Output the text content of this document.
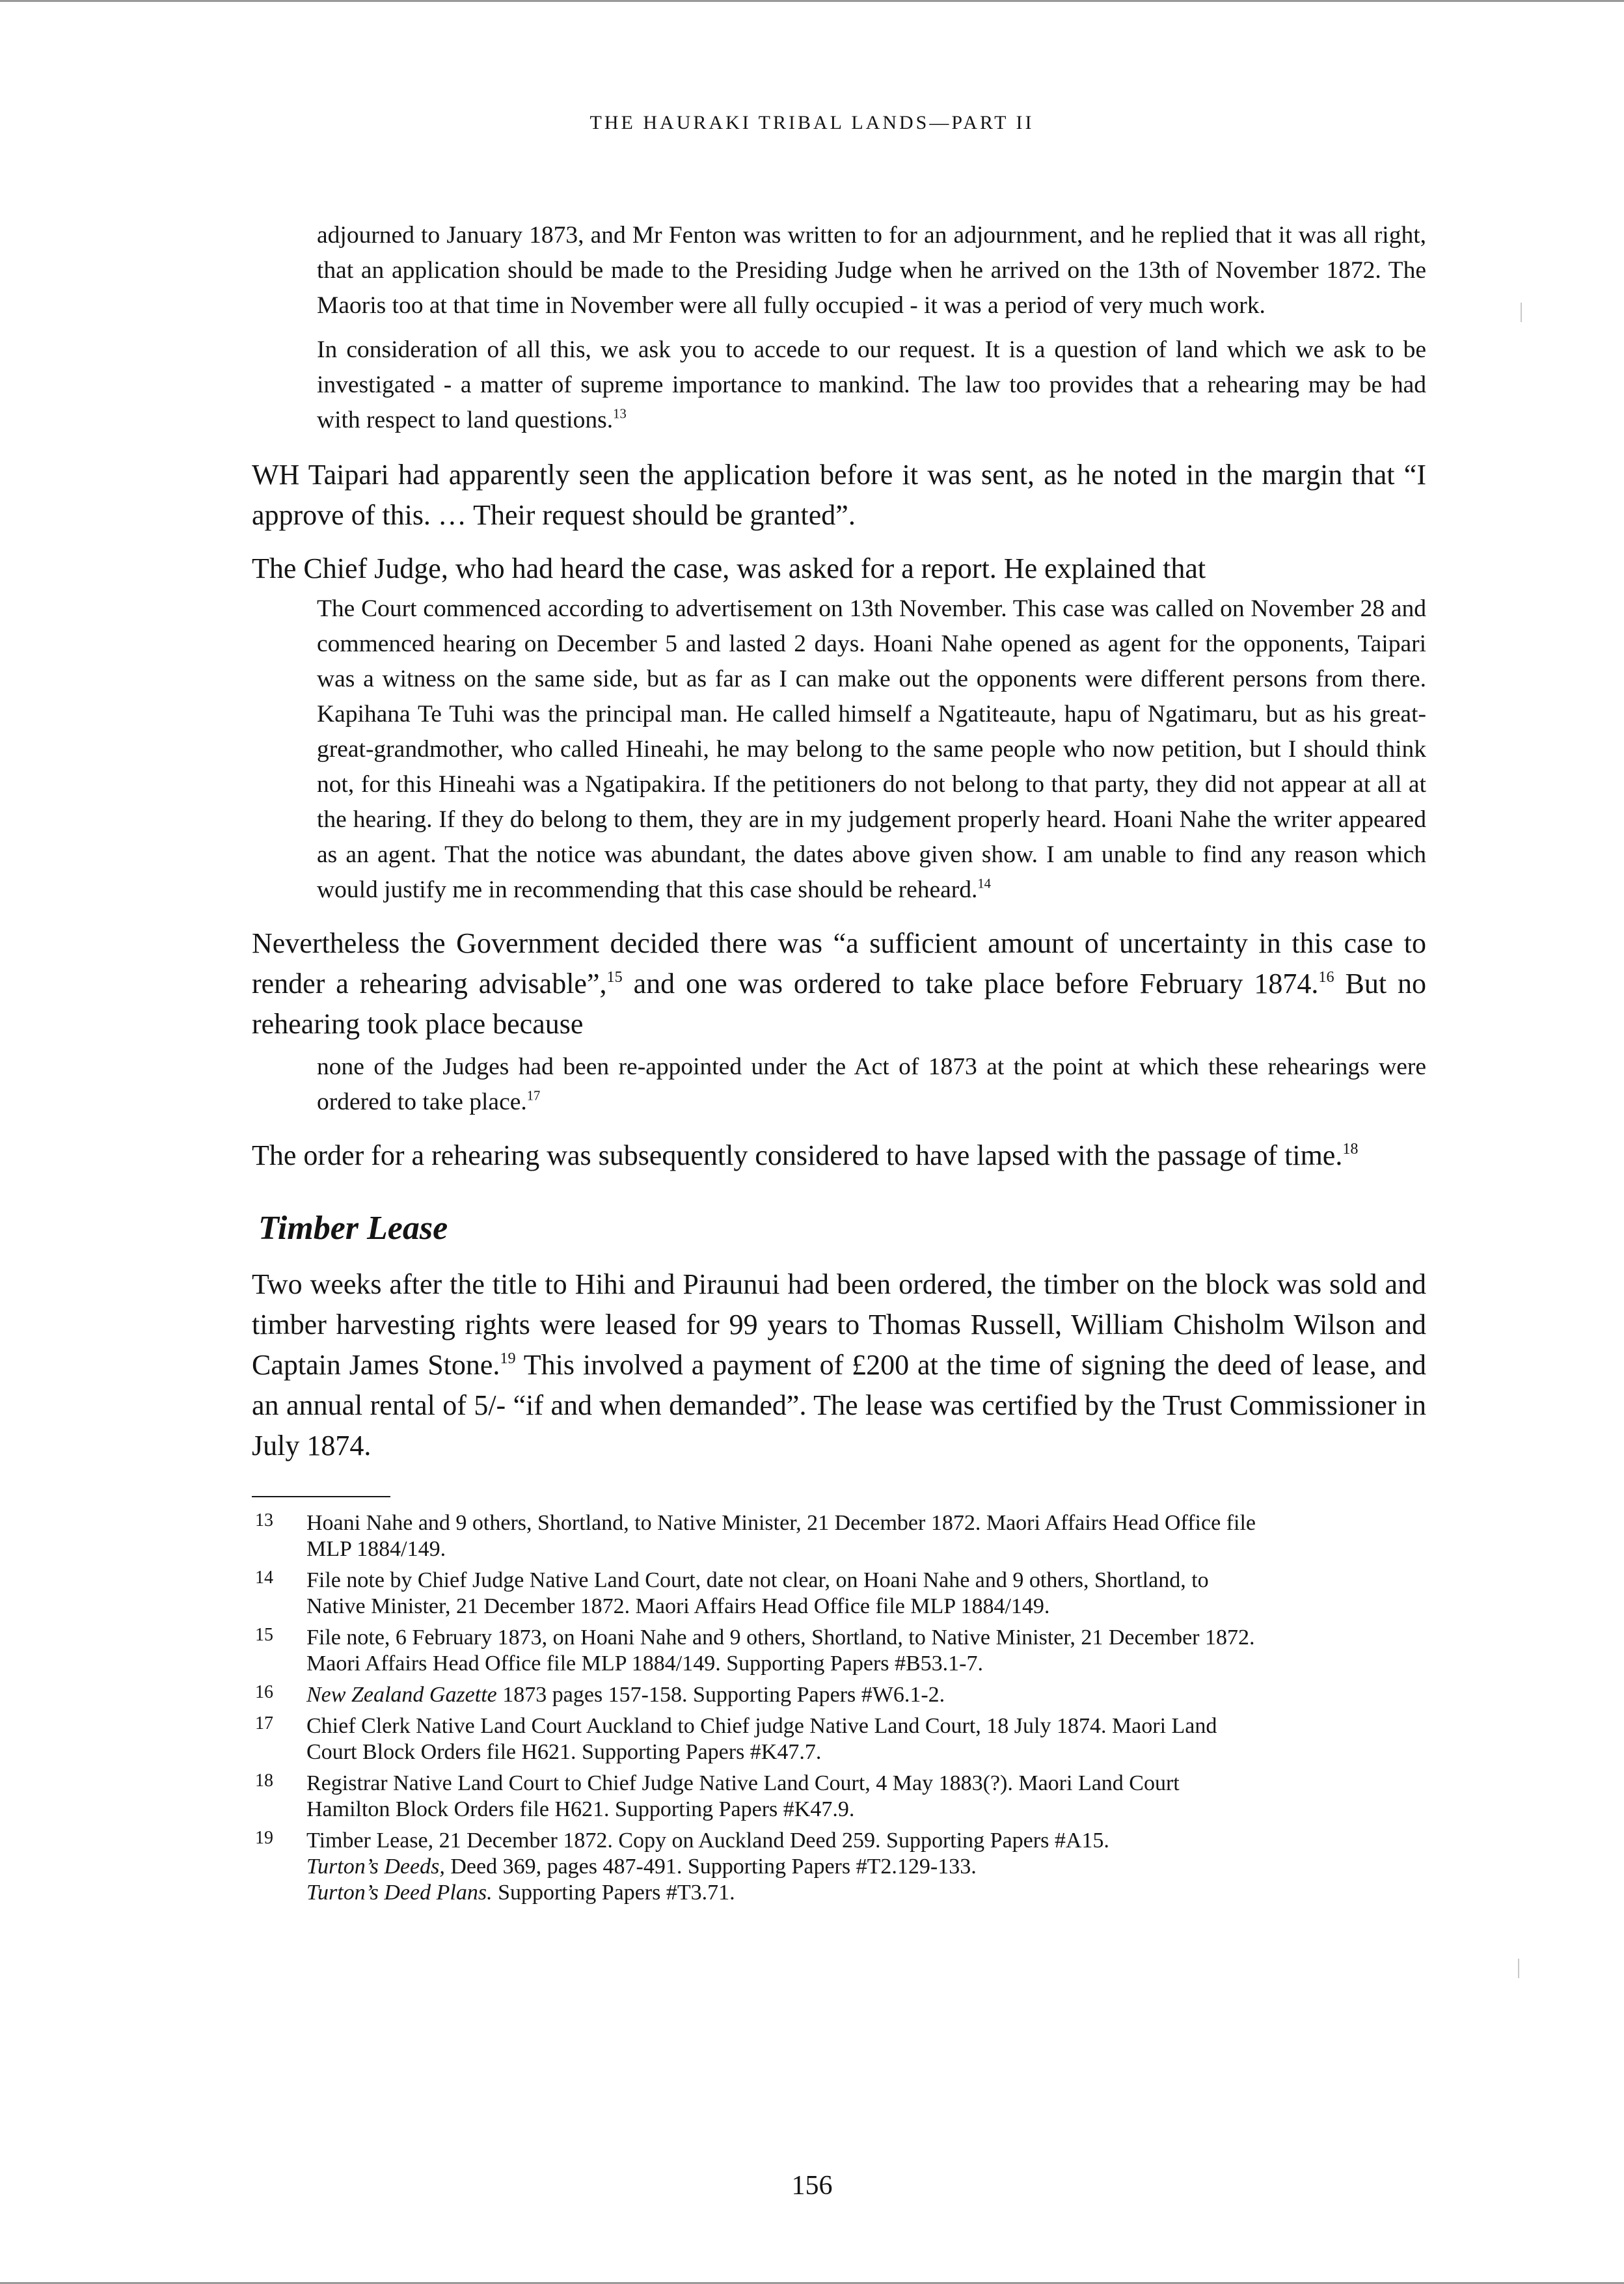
THE HAURAKI TRIBAL LANDS—PART II

adjourned to January 1873, and Mr Fenton was written to for an adjournment, and he replied that it was all right, that an application should be made to the Presiding Judge when he arrived on the 13th of November 1872. The Maoris too at that time in November were all fully occupied - it was a period of very much work.

In consideration of all this, we ask you to accede to our request. It is a question of land which we ask to be investigated - a matter of supreme importance to mankind. The law too provides that a rehearing may be had with respect to land questions.$^{13}$

WH Taipari had apparently seen the application before it was sent, as he noted in the margin that “I approve of this. … Their request should be granted”.

The Chief Judge, who had heard the case, was asked for a report. He explained that

The Court commenced according to advertisement on 13th November. This case was called on November 28 and commenced hearing on December 5 and lasted 2 days. Hoani Nahe opened as agent for the opponents, Taipari was a witness on the same side, but as far as I can make out the opponents were different persons from there. Kapihana Te Tuhi was the principal man. He called himself a Ngatiteaute, hapu of Ngatimaru, but as his great-great-grandmother, who called Hineahi, he may belong to the same people who now petition, but I should think not, for this Hineahi was a Ngatipakira. If the petitioners do not belong to that party, they did not appear at all at the hearing. If they do belong to them, they are in my judgement properly heard. Hoani Nahe the writer appeared as an agent. That the notice was abundant, the dates above given show. I am unable to find any reason which would justify me in recommending that this case should be reheard.$^{14}$

Nevertheless the Government decided there was “a sufficient amount of uncertainty in this case to render a rehearing advisable”,$^{15}$ and one was ordered to take place before February 1874.16 But no rehearing took place because

none of the Judges had been re-appointed under the Act of 1873 at the point at which these rehearings were ordered to take place.$^{17}$

The order for a rehearing was subsequently considered to have lapsed with the passage of time.$^{18}$

Timber Lease

Two weeks after the title to Hihi and Piraunui had been ordered, the timber on the block was sold and timber harvesting rights were leased for 99 years to Thomas Russell, William Chisholm Wilson and Captain James Stone.$^{19}$ This involved a payment of £200 at the time of signing the deed of lease, and an annual rental of 5/- “if and when demanded”. The lease was certified by the Trust Commissioner in July 1874.

13 Hoani Nahe and 9 others, Shortland, to Native Minister, 21 December 1872. Maori Affairs Head Office file
MLP 1884/149.
14 File note by Chief Judge Native Land Court, date not clear, on Hoani Nahe and 9 others, Shortland, to
Native Minister, 21 December 1872. Maori Affairs Head Office file MLP 1884/149.
15 File note, 6 February 1873, on Hoani Nahe and 9 others, Shortland, to Native Minister, 21 December 1872.
Maori Affairs Head Office file MLP 1884/149. Supporting Papers #B53.1-7.
16 New Zealand Gazette 1873 pages 157-158. Supporting Papers #W6.1-2.
17 Chief Clerk Native Land Court Auckland to Chief judge Native Land Court, 18 July 1874. Maori Land
Court Block Orders file H621. Supporting Papers #K47.7.
18 Registrar Native Land Court to Chief Judge Native Land Court, 4 May 1883(?). Maori Land Court
Hamilton Block Orders file H621. Supporting Papers #K47.9.
19 Timber Lease, 21 December 1872. Copy on Auckland Deed 259. Supporting Papers #A15.
Turton’s Deeds, Deed 369, pages 487-491. Supporting Papers #T2.129-133.
Turton’s Deed Plans. Supporting Papers #T3.71.
156
